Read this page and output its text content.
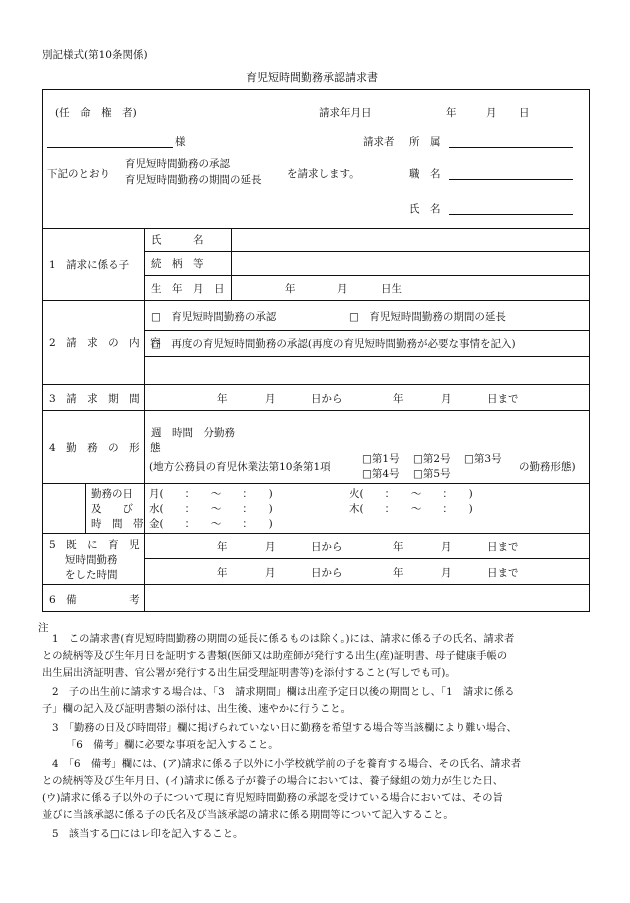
別記様式(第10条関係)
育児短時間勤務承認請求書
(任　命　権　者)	請求年月日	年	月 日
様	請求者 所　属
下記のとおり
育児短時間勤務の承認
育児短時間勤務の期間の延長 を請求します。	職　名
氏　名
1　請求に係る子
氏　　　名
続　柄　等
生　年　月　日	年	月	日生
2　請　求　の　内　容
□　育児短時間勤務の承認	□　育児短時間勤務の期間の延長
□　再度の育児短時間勤務の承認(再度の育児短時間勤務が必要な事情を記入)
3　請　求　期　間	年	月	日から	年	月	日まで
4　勤　務　の　形　態
週　時間　分勤務
(地方公務員の育児休業法第10条第1項
□第1号 □第2号 □第3号
□第4号 □第5号
の勤務形態)
勤務の日
及　　び
時　間　帯
月(　　：　　〜　　：　　)	火(　　：　　〜　　：　　)
水(　　：　　〜　　：　　)	木(　　：　　〜　　：　　)
金(　　：　　〜　　：　　)
5　既　に　育　児
短時間勤務
をした時間
年	月	日から	年	月	日まで
年	月	日から	年	月	日まで
6　備　　　　　考
注
1　この請求書(育児短時間勤務の期間の延長に係るものは除く。)には、請求に係る子の氏名、請求者
との続柄等及び生年月日を証明する書類(医師又は助産師が発行する出生(産)証明書、母子健康手帳の
出生届出済証明書、官公署が発行する出生届受理証明書等)を添付すること(写しでも可)。
2　子の出生前に請求する場合は、「3　請求期間」欄は出産予定日以後の期間とし、「1　請求に係る
子」欄の記入及び証明書類の添付は、出生後、速やかに行うこと。
3　「勤務の日及び時間帯」欄に掲げられていない日に勤務を希望する場合等当該欄により難い場合、
「6　備考」欄に必要な事項を記入すること。
4　「6　備考」欄には、(ア)請求に係る子以外に小学校就学前の子を養育する場合、その氏名、請求者
との続柄等及び生年月日、(イ)請求に係る子が養子の場合においては、養子縁組の効力が生じた日、
(ウ)請求に係る子以外の子について現に育児短時間勤務の承認を受けている場合においては、その旨
並びに当該承認に係る子の氏名及び当該承認の請求に係る期間等について記入すること。
5　該当する□にはレ印を記入すること。
